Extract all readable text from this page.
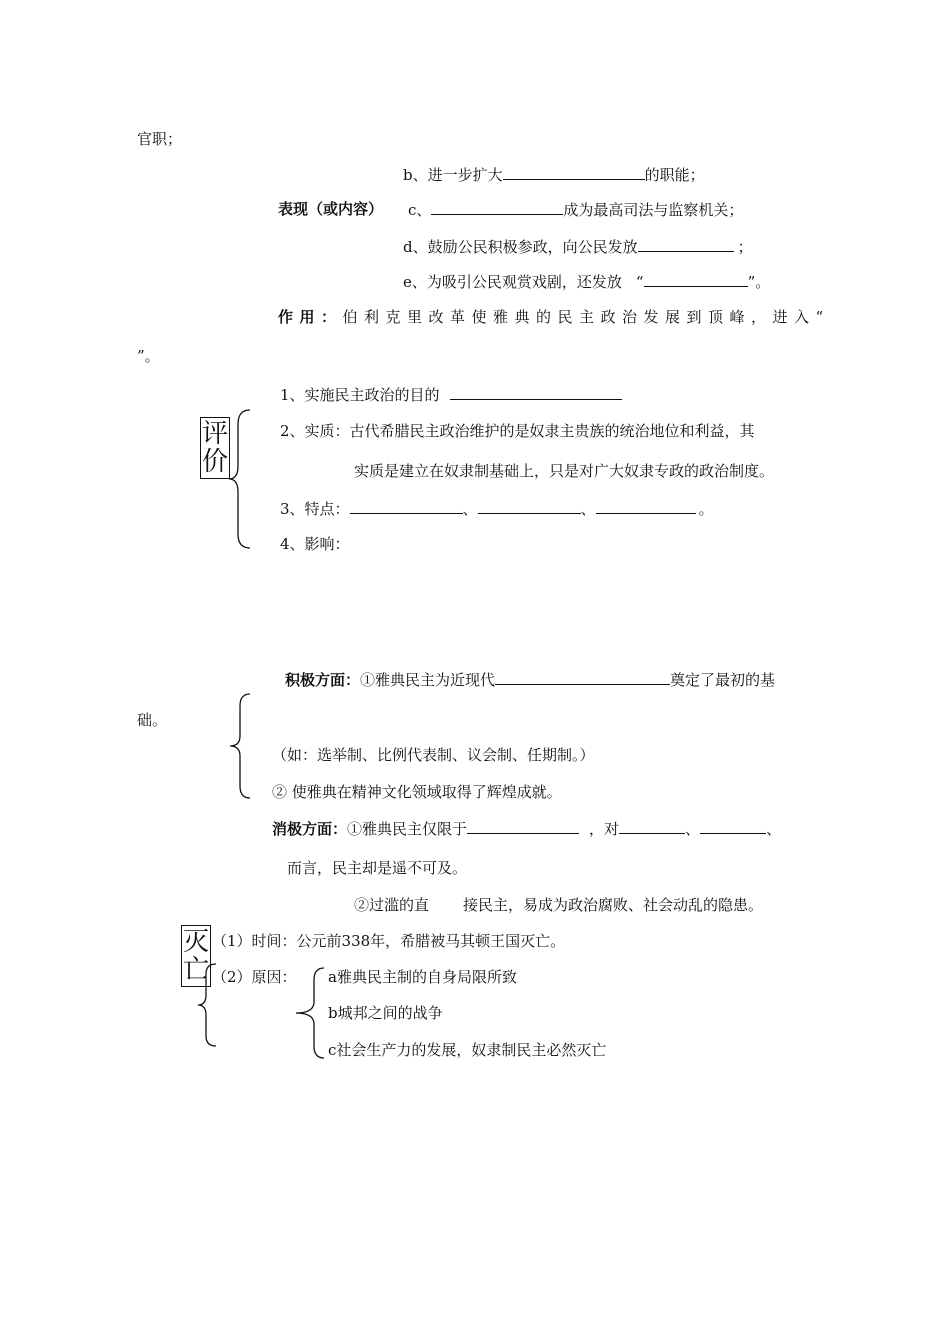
官职；
b、进一步扩大	的职能；
表现（或内容） c、	成为最高司法与监察机关；
d、鼓励公民积极参政，向公民发放	；
e、为吸引公民观赏戏剧，还发放 “	”。
作用：伯利克里改革使雅典的民主政治发展到顶峰，进入“
”。
1、实施民主政治的目的
评价
2、实质：古代希腊民主政治维护的是奴隶主贵族的统治地位和利益，其
实质是建立在奴隶制基础上，只是对广大奴隶专政的政治制度。
3、特点：	、	、	。
4、影响：
积极方面：①雅典民主为近现代	奠定了最初的基
础。
（如：选举制、比例代表制、议会制、任期制。）
② 使雅典在精神文化领域取得了辉煌成就。
消极方面：①雅典民主仅限于	，对	、	、
而言，民主却是遥不可及。
②过滥的直 接民主，易成为政治腐败、社会动乱的隐患。
灭亡
（1）时间：公元前338年，希腊被马其顿王国灭亡。
（2）原因： a雅典民主制的自身局限所致
b城邦之间的战争
c社会生产力的发展，奴隶制民主必然灭亡
